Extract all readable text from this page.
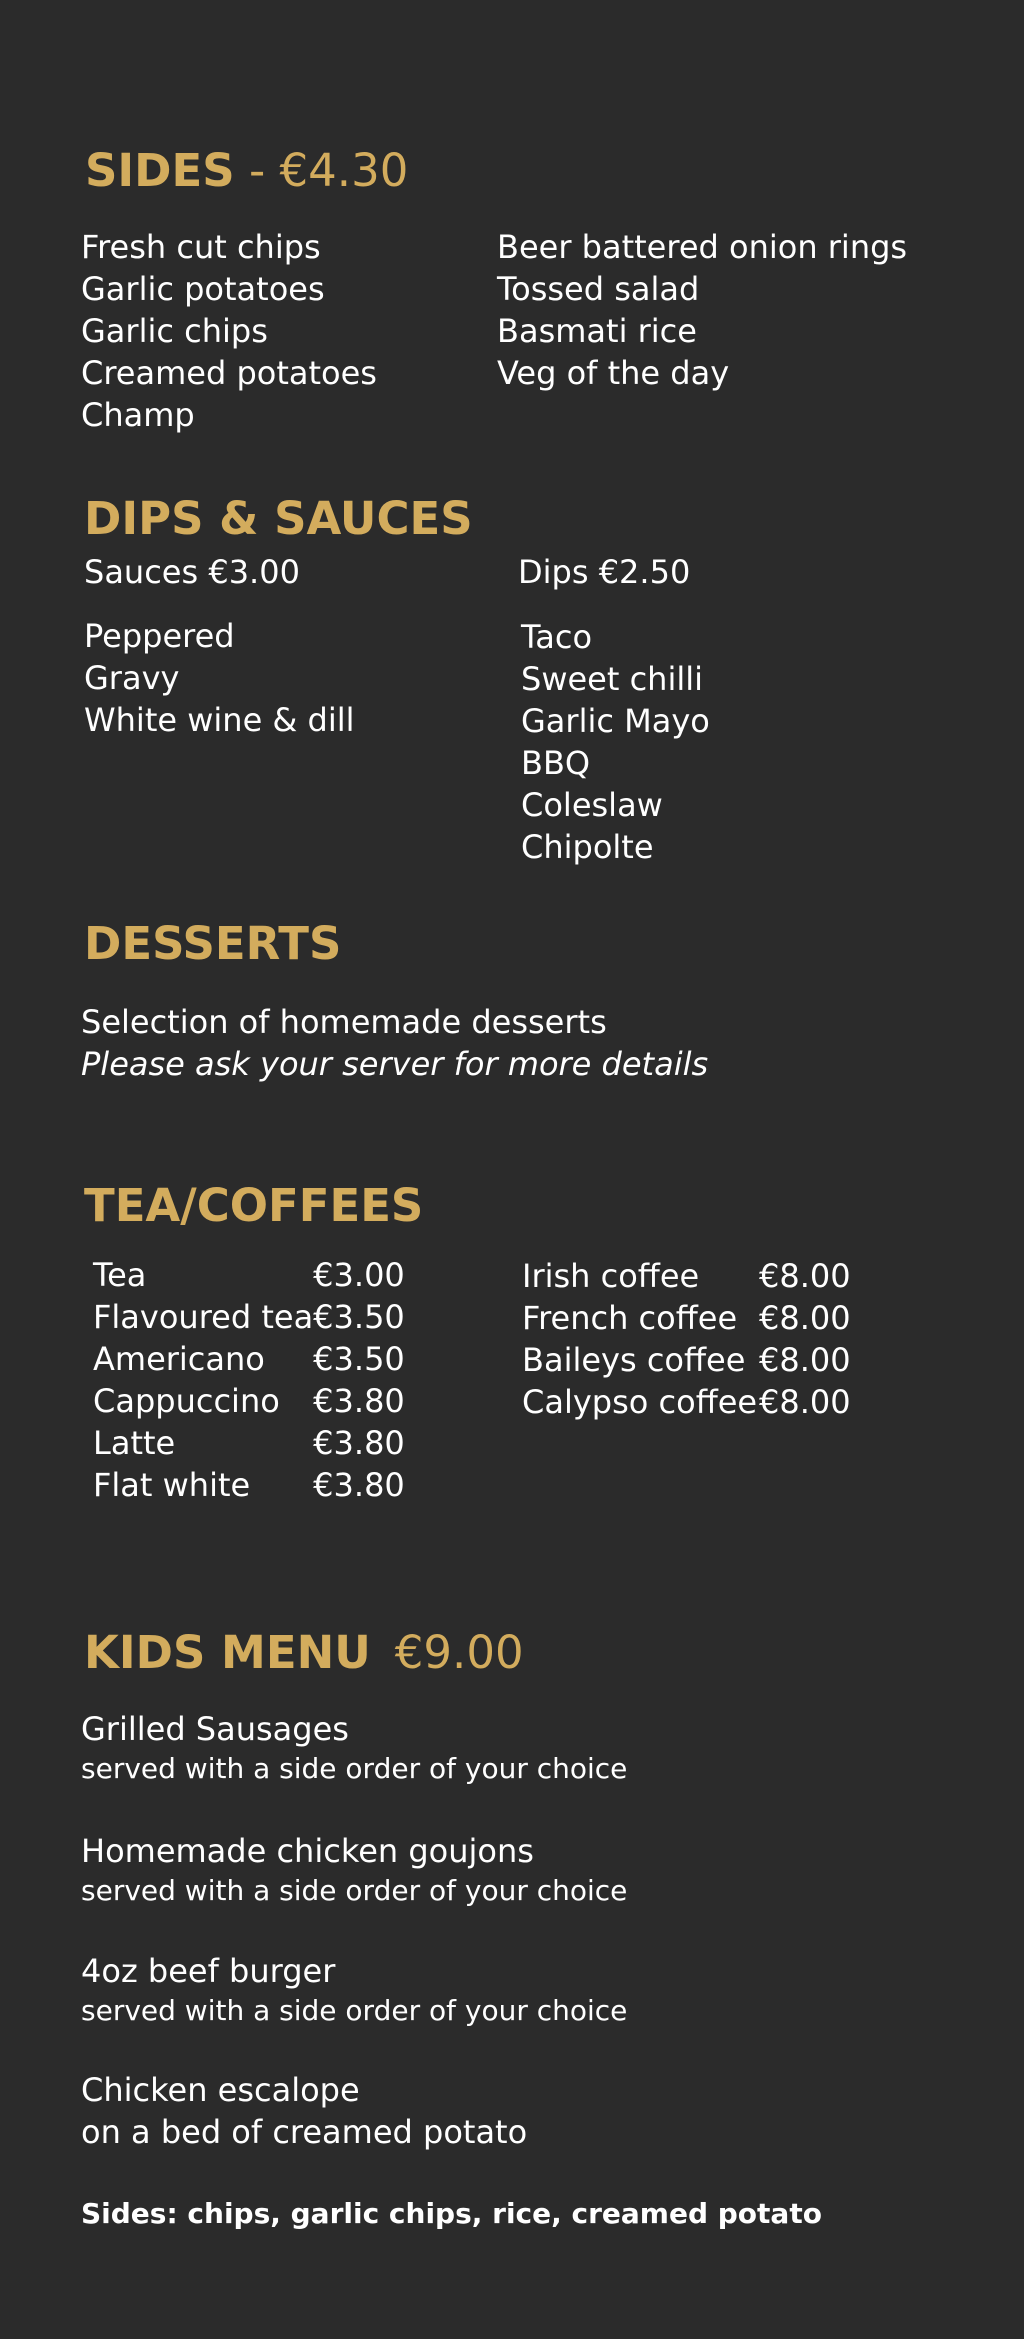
SIDES - €4.30
Fresh cut chips
Garlic potatoes
Garlic chips
Creamed potatoes
Champ
Beer battered onion rings
Tossed salad
Basmati rice
Veg of the day
DIPS & SAUCES

Sauces €3.00

Peppered
Gravy
White wine & dill

Dips €2.50

Taco
Sweet chilli
Garlic Mayo
BBQ
Coleslaw
Chipolte
DESSERTS

Selection of homemade desserts

Please ask your server for more details

TEA/COFFEES
Tea	€3.00
Flavoured tea	€3.50
Americano	€3.50
Cappuccino	€3.80
Latte	€3.80
Flat white	€3.80
Irish coffee	€8.00
French coffee	€8.00
Baileys coffee	€8.00
Calypso coffee	€8.00
KIDS MENU €9.00

Grilled Sausages

served with a side order of your choice

Homemade chicken goujons

served with a side order of your choice

4oz beef burger

served with a side order of your choice

Chicken escalope

on a bed of creamed potato

Sides: chips, garlic chips, rice, creamed potato
